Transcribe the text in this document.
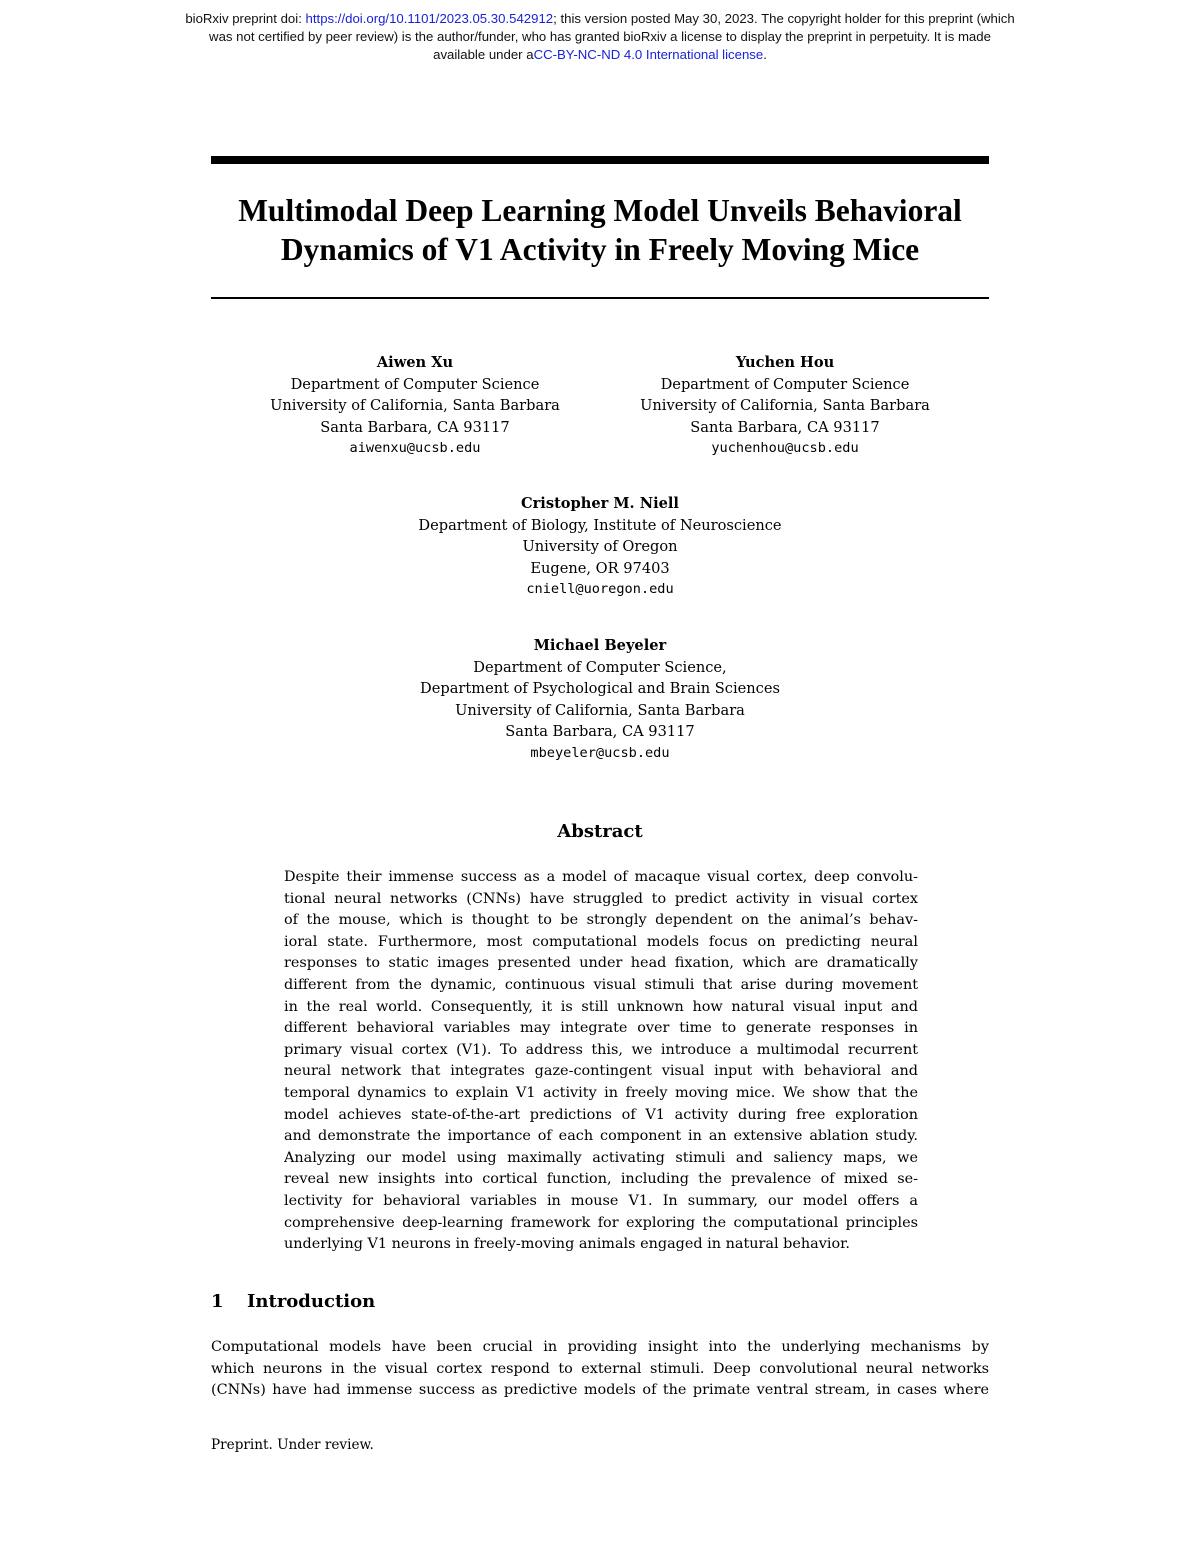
bioRxiv preprint doi: https://doi.org/10.1101/2023.05.30.542912; this version posted May 30, 2023. The copyright holder for this preprint (which
was not certified by peer review) is the author/funder, who has granted bioRxiv a license to display the preprint in perpetuity. It is made
available under aCC-BY-NC-ND 4.0 International license.
Multimodal Deep Learning Model Unveils Behavioral
Dynamics of V1 Activity in Freely Moving Mice
Aiwen Xu
Department of Computer Science
University of California, Santa Barbara
Santa Barbara, CA 93117
aiwenxu@ucsb.edu
Yuchen Hou
Department of Computer Science
University of California, Santa Barbara
Santa Barbara, CA 93117
yuchenhou@ucsb.edu
Cristopher M. Niell
Department of Biology, Institute of Neuroscience
University of Oregon
Eugene, OR 97403
cniell@uoregon.edu
Michael Beyeler
Department of Computer Science,
Department of Psychological and Brain Sciences
University of California, Santa Barbara
Santa Barbara, CA 93117
mbeyeler@ucsb.edu
Abstract
Despite their immense success as a model of macaque visual cortex, deep convolu-
tional neural networks (CNNs) have struggled to predict activity in visual cortex
of the mouse, which is thought to be strongly dependent on the animal’s behav-
ioral state. Furthermore, most computational models focus on predicting neural
responses to static images presented under head fixation, which are dramatically
different from the dynamic, continuous visual stimuli that arise during movement
in the real world. Consequently, it is still unknown how natural visual input and
different behavioral variables may integrate over time to generate responses in
primary visual cortex (V1). To address this, we introduce a multimodal recurrent
neural network that integrates gaze-contingent visual input with behavioral and
temporal dynamics to explain V1 activity in freely moving mice. We show that the
model achieves state-of-the-art predictions of V1 activity during free exploration
and demonstrate the importance of each component in an extensive ablation study.
Analyzing our model using maximally activating stimuli and saliency maps, we
reveal new insights into cortical function, including the prevalence of mixed se-
lectivity for behavioral variables in mouse V1. In summary, our model offers a
comprehensive deep-learning framework for exploring the computational principles
underlying V1 neurons in freely-moving animals engaged in natural behavior.
1 Introduction
Computational models have been crucial in providing insight into the underlying mechanisms by
which neurons in the visual cortex respond to external stimuli. Deep convolutional neural networks
(CNNs) have had immense success as predictive models of the primate ventral stream, in cases where
Preprint. Under review.
